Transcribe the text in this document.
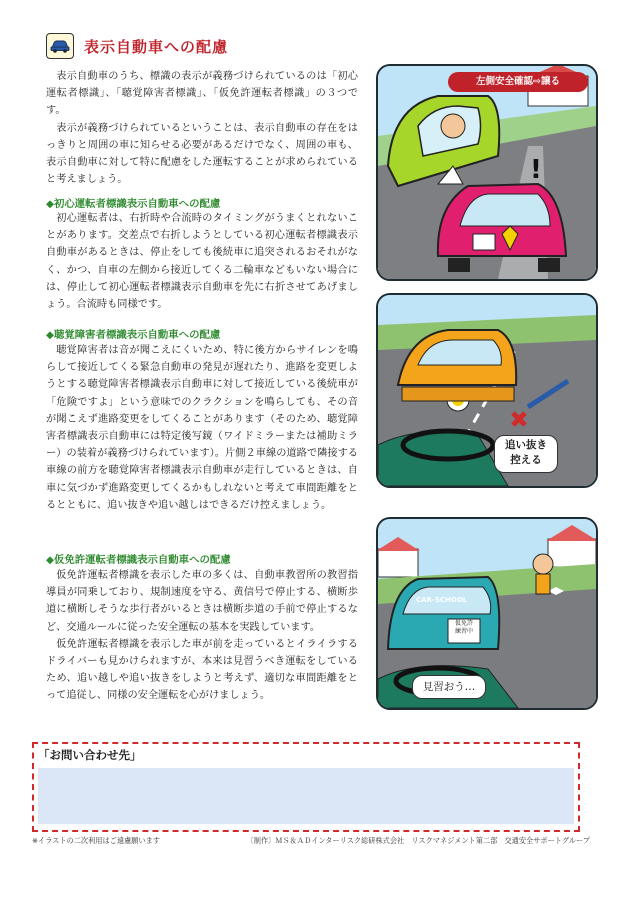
表示自動車への配慮

表示自動車のうち、標識の表示が義務づけられているのは「初心運転者標識」、「聴覚障害者標識」、「仮免許運転者標識」の３つです。

表示が義務づけられているということは、表示自動車の存在をはっきりと周囲の車に知らせる必要があるだけでなく、周囲の車も、表示自動車に対して特に配慮をした運転することが求められていると考えましょう。

◆初心運転者標識表示自動車への配慮

初心運転者は、右折時や合流時のタイミングがうまくとれないことがあります。交差点で右折しようとしている初心運転者標識表示自動車があるときは、停止をしても後続車に追突されるおそれがなく、かつ、自車の左側から接近してくる二輪車などもいない場合には、停止して初心運転者標識表示自動車を先に右折させてあげましょう。合流時も同様です。

◆聴覚障害者標識表示自動車への配慮

聴覚障害者は音が聞こえにくいため、特に後方からサイレンを鳴らして接近してくる緊急自動車の発見が遅れたり、進路を変更しようとする聴覚障害者標識表示自動車に対して接近している後続車が「危険ですよ」という意味でのクラクションを鳴らしても、その音が聞こえず進路変更をしてくることがあります（そのため、聴覚障害者標識表示自動車には特定後写鏡（ワイドミラーまたは補助ミラー）の装着が義務づけられています）。片側２車線の道路で隣接する車線の前方を聴覚障害者標識表示自動車が走行しているときは、自車に気づかず進路変更してくるかもしれないと考えて車間距離をとるとともに、追い抜きや追い越しはできるだけ控えましょう。

◆仮免許運転者標識表示自動車への配慮

仮免許運転者標識を表示した車の多くは、自動車教習所の教習指導員が同乗しており、規制速度を守る、黄信号で停止する、横断歩道に横断しそうな歩行者がいるときは横断歩道の手前で停止するなど、交通ルールに従った安全運転の基本を実践しています。

仮免許運転者標識を表示した車が前を走っているとイライラするドライバーも見かけられますが、本来は見習うべき運転をしているため、追い越しや追い抜きをしようと考えず、適切な車間距離をとって追従し、同様の安全運転を心がけましょう。

!
左側安全確認⇨譲る
追い抜き
控える
CAR-SCHOOL
仮免許
練習中
見習おう…
「お問い合わせ先」
※イラストの二次利用はご遠慮願います	〔制作〕ＭＳ＆ＡＤインターリスク総研株式会社　リスクマネジメント第二部　交通安全サポートグループ
